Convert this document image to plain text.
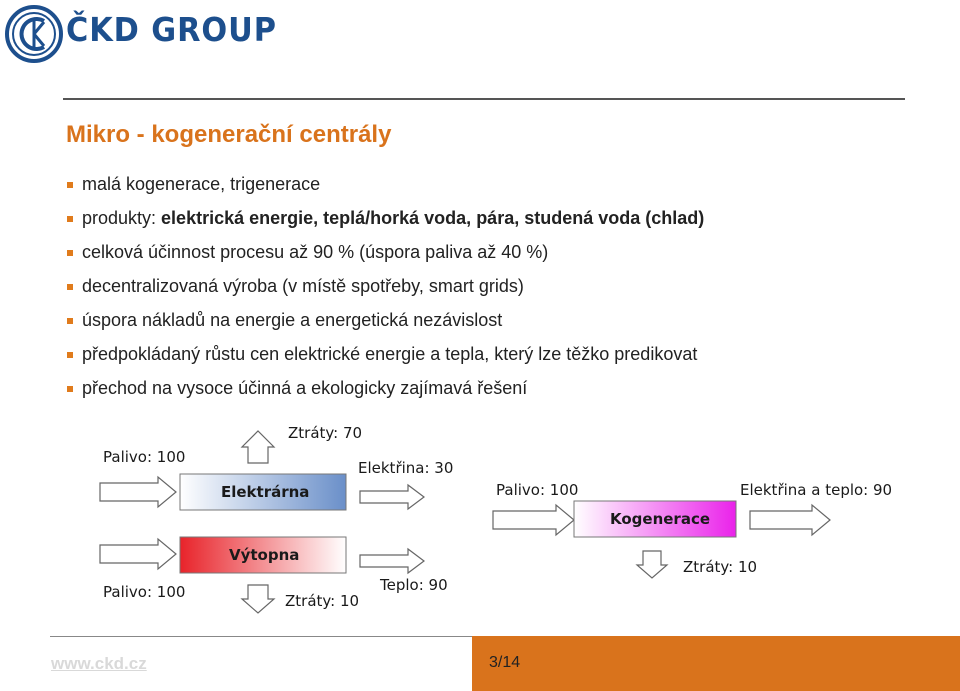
ČKD GROUP
Mikro - kogenerační centrály
malá kogenerace, trigenerace
produkty: elektrická energie, teplá/horká voda, pára, studená voda (chlad)
celková účinnost procesu až 90 % (úspora paliva až 40 %)
decentralizovaná výroba (v místě spotřeby, smart grids)
úspora nákladů na energie a energetická nezávislost
předpokládaný růstu cen elektrické energie a tepla, který lze těžko predikovat
přechod na vysoce účinná a ekologicky zajímavá řešení
Palivo: 100
Elektrárna
Ztráty: 70
Elektřina: 30
Palivo: 100
Výtopna
Teplo: 90
Ztráty: 10
Palivo: 100
Kogenerace
Elektřina a teplo: 90
Ztráty: 10
www.ckd.cz	3/14
